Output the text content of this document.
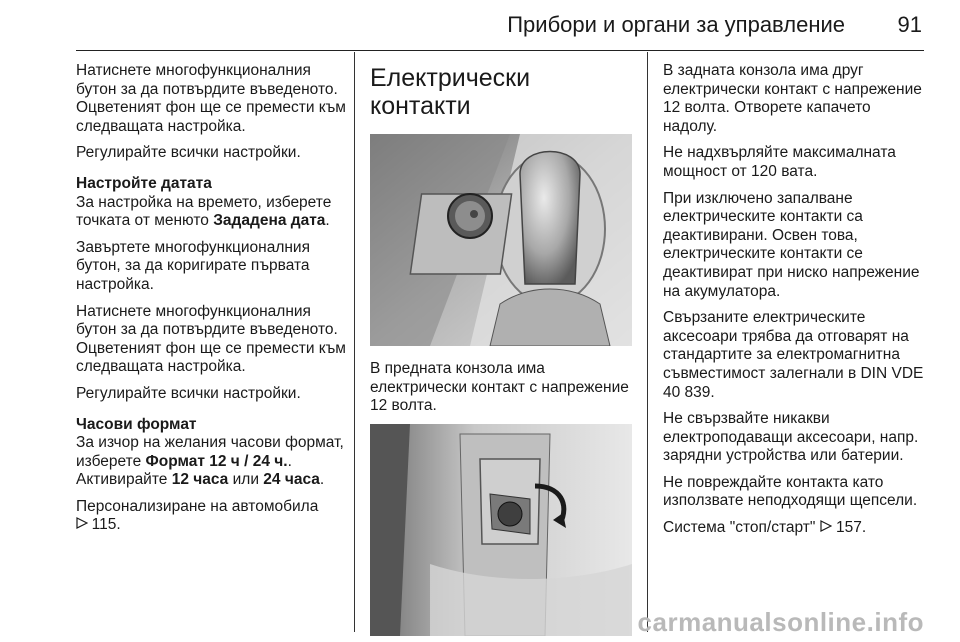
Прибори и органи за управление 91

Натиснете многофункционалния бутон за да потвърдите въведеното. Оцветеният фон ще се премести към следващата настройка.

Регулирайте всички настройки.

Настройте датата

За настройка на времето, изберете точката от менюто Зададена дата.

Завъртете многофункционалния бутон, за да коригирате първата настройка.

Натиснете многофункционалния бутон за да потвърдите въведеното. Оцветеният фон ще се премести към следващата настройка.

Регулирайте всички настройки.

Часови формат

За изчор на желания часови формат, изберете Формат 12 ч / 24 ч.. Активирайте 12 часа или 24 часа.

Персонализиране на автомобила
115.

Електрически контакти

В предната конзола има електрически контакт с напрежение 12 волта.

В задната конзола има друг електрически контакт с напрежение 12 волта. Отворете капачето надолу.

Не надхвърляйте максималната мощност от 120 вата.

При изключено запалване електрическите контакти са деактивирани. Освен това, електрическите контакти се деактивират при ниско напрежение на акумулатора.

Свързаните електрическите аксесоари трябва да отговарят на стандартите за електромагнитна съвместимост залегнали в DIN VDE 40 839.

Не свързвайте никакви електроподаващи аксесоари, напр. зарядни устройства или батерии.

Не повреждайте контакта като използвате неподходящи щепсели.

Система "стоп/старт"  157.

carmanualsonline.info
